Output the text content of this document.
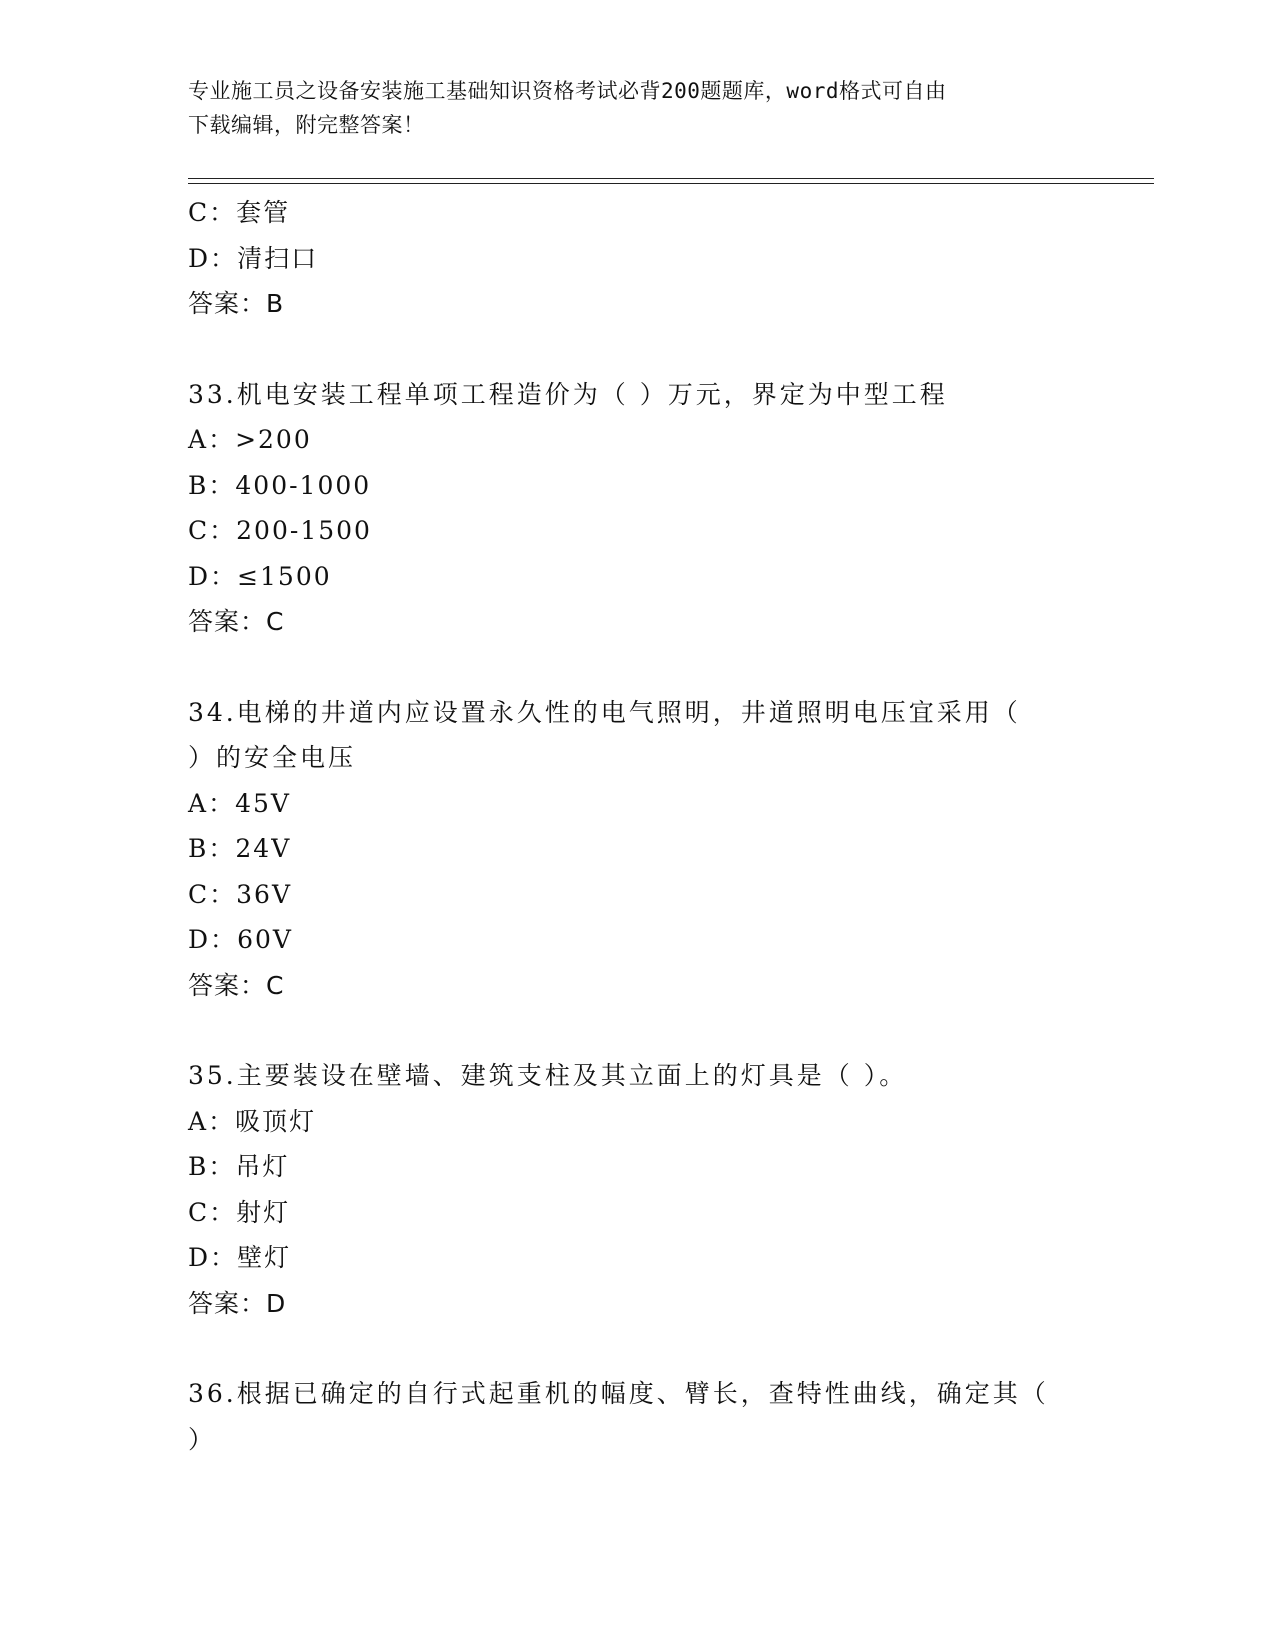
专业施工员之设备安装施工基础知识资格考试必背200题题库，word格式可自由
下载编辑，附完整答案！
C：套管
D：清扫口
答案：B
33.机电安装工程单项工程造价为（ ）万元，界定为中型工程
A：>200
B：400-1000
C：200-1500
D：≤1500
答案：C
34.电梯的井道内应设置永久性的电气照明，井道照明电压宜采用（
）的安全电压
A：45V
B：24V
C：36V
D：60V
答案：C
35.主要装设在壁墙、建筑支柱及其立面上的灯具是（ ）。
A：吸顶灯
B：吊灯
C：射灯
D：壁灯
答案：D
36.根据已确定的自行式起重机的幅度、臂长，查特性曲线，确定其（
）
